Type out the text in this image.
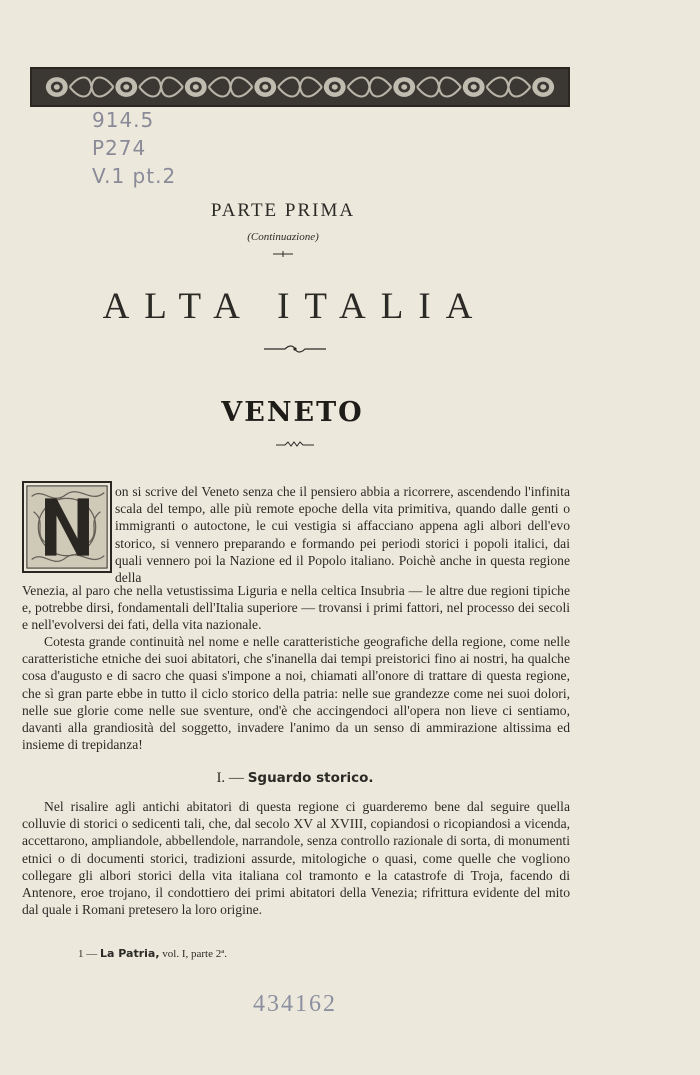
914.5
P274
V.1 pt.2
PARTE PRIMA
(Continuazione)
ALTA ITALIA
VENETO

on si scrive del Veneto senza che il pensiero abbia a ricorrere, ascendendo l'infinita scala del tempo, alle più remote epoche della vita primitiva, quando dalle genti o immigranti o autoctone, le cui vestigia si affacciano appena agli albori dell'evo storico, si vennero preparando e formando pei periodi storici i popoli italici, dai quali vennero poi la Nazione ed il Popolo italiano. Poichè anche in questa regione della

Venezia, al paro che nella vetustissima Liguria e nella celtica Insubria — le altre due regioni tipiche e, potrebbe dirsi, fondamentali dell'Italia superiore — trovansi i primi fattori, nel processo dei secoli e nell'evolversi dei fati, della vita nazionale.

Cotesta grande continuità nel nome e nelle caratteristiche geografiche della regione, come nelle caratteristiche etniche dei suoi abitatori, che s'inanella dai tempi preistorici fino ai nostri, ha qualche cosa d'augusto e di sacro che quasi s'impone a noi, chiamati all'onore di trattare di questa regione, che sì gran parte ebbe in tutto il ciclo storico della patria: nelle sue grandezze come nei suoi dolori, nelle sue glorie come nelle sue sventure, ond'è che accingendoci all'opera non lieve ci sentiamo, davanti alla grandiosità del soggetto, invadere l'animo da un senso di ammirazione altissima ed insieme di trepidanza!

I. — Sguardo storico.

Nel risalire agli antichi abitatori di questa regione ci guarderemo bene dal seguire quella colluvie di storici o sedicenti tali, che, dal secolo XV al XVIII, copiandosi o ricopiandosi a vicenda, accettarono, ampliandole, abbellendole, narrandole, senza controllo razionale di sorta, di monumenti etnici o di documenti storici, tradizioni assurde, mitologiche o quasi, come quelle che vogliono collegare gli albori storici della vita italiana col tramonto e la catastrofe di Troja, facendo di Antenore, eroe trojano, il condottiero dei primi abitatori della Venezia; rifrittura evidente del mito dal quale i Romani pretesero la loro origine.

1 — La Patria, vol. I, parte 2ª.
434162
